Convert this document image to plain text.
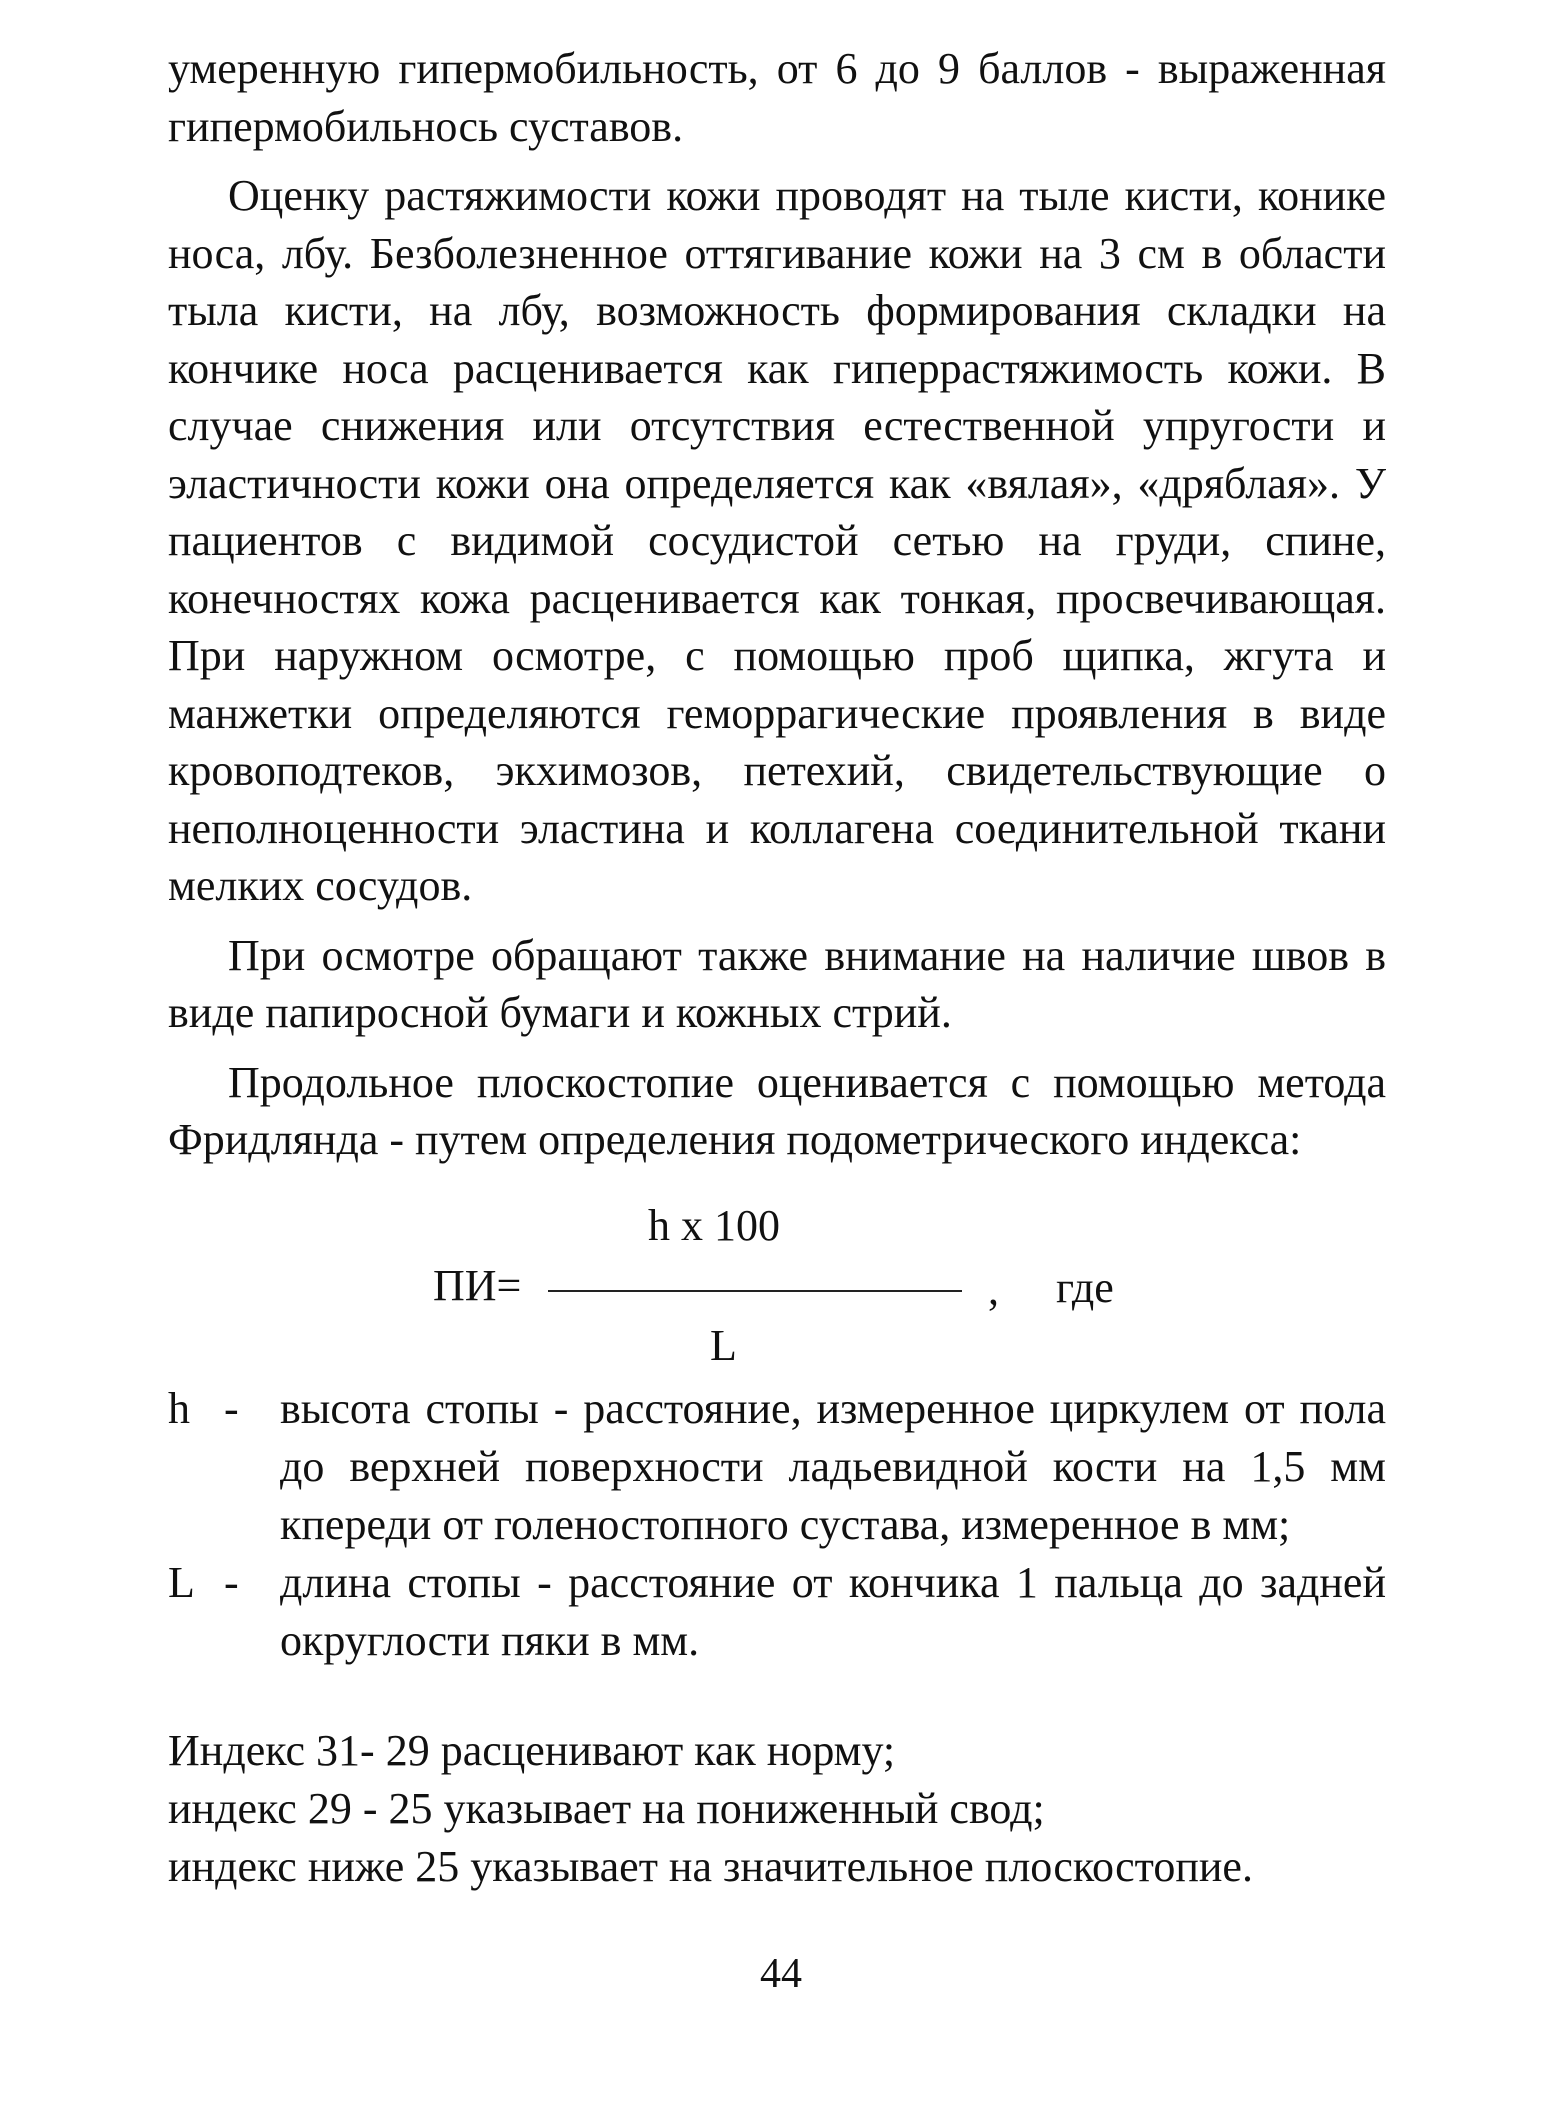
умеренную гипермобильность, от 6 до 9 баллов - выраженная гипермобильнось суставов.

Оценку растяжимости кожи проводят на тыле кисти, конике носа, лбу. Безболезненное оттягивание кожи на 3 см в области тыла кисти, на лбу, возможность формирования складки на кончике носа расценивается как гиперрастяжимость кожи. В случае снижения или отсутствия естественной упругости и эластичности кожи она определяется как «вялая», «дряблая». У пациентов с видимой сосудистой сетью на груди, спине, конечностях кожа расценивается как тонкая, просвечивающая. При наружном осмотре, с помощью проб щипка, жгута и манжетки определяются геморрагические проявления в виде кровоподтеков, экхимозов, петехий, свидетельствующие о неполноценности эластина и коллагена соединительной ткани мелких сосудов.

При осмотре обращают также внимание на наличие швов в виде папиросной бумаги и кожных стрий.

Продольное плоскостопие оценивается с помощью метода Фридлянда - путем определения подометрического индекса:

h x 100
ПИ=	, где
L
h - высота стопы - расстояние, измеренное циркулем от пола до верхней поверхности ладьевидной кости на 1,5 мм кпереди от голеностопного сустава, измеренное в мм;
L - длина стопы - расстояние от кончика 1 пальца до задней округлости пяки в мм.
Индекс 31- 29 расценивают как норму;
индекс 29 - 25 указывает на пониженный свод;
индекс ниже 25 указывает на значительное плоскостопие.
44
